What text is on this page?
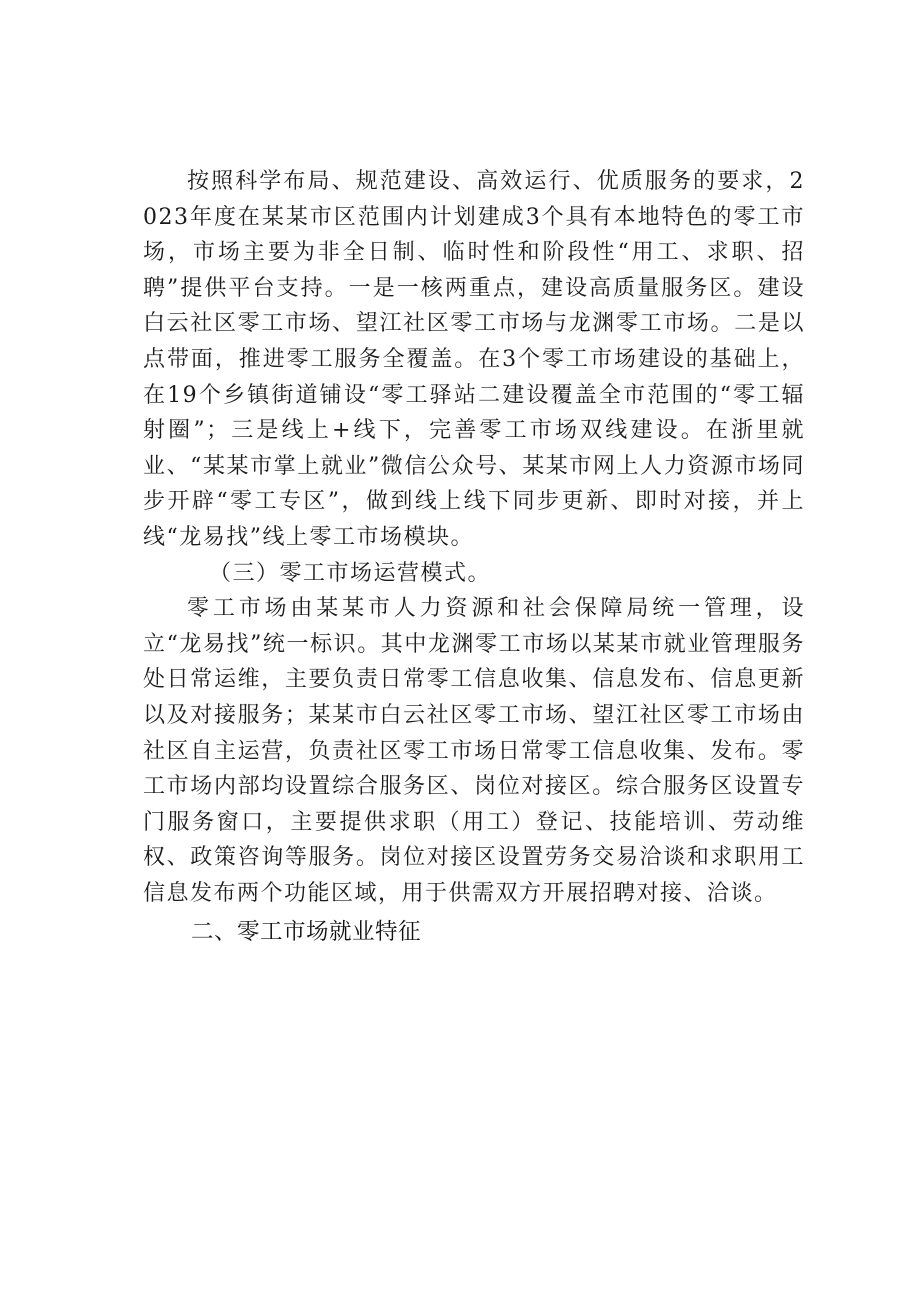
按照科学布局、规范建设、高效运行、优质服务的要求，2023年度在某某市区范围内计划建成3个具有本地特色的零工市场，市场主要为非全日制、临时性和阶段性“用工、求职、招聘”提供平台支持。一是一核两重点，建设高质量服务区。建设白云社区零工市场、望江社区零工市场与龙渊零工市场。二是以点带面，推进零工服务全覆盖。在3个零工市场建设的基础上，在19个乡镇街道铺设“零工驿站二建设覆盖全市范围的“零工辐射圈”；三是线上+线下，完善零工市场双线建设。在浙里就业、“某某市掌上就业”微信公众号、某某市网上人力资源市场同步开辟“零工专区”，做到线上线下同步更新、即时对接，并上线“龙易找”线上零工市场模块。

（三）零工市场运营模式。

零工市场由某某市人力资源和社会保障局统一管理，设立“龙易找”统一标识。其中龙渊零工市场以某某市就业管理服务处日常运维，主要负责日常零工信息收集、信息发布、信息更新以及对接服务；某某市白云社区零工市场、望江社区零工市场由社区自主运营，负责社区零工市场日常零工信息收集、发布。零工市场内部均设置综合服务区、岗位对接区。综合服务区设置专门服务窗口，主要提供求职（用工）登记、技能培训、劳动维权、政策咨询等服务。岗位对接区设置劳务交易洽谈和求职用工信息发布两个功能区域，用于供需双方开展招聘对接、洽谈。

二、零工市场就业特征
